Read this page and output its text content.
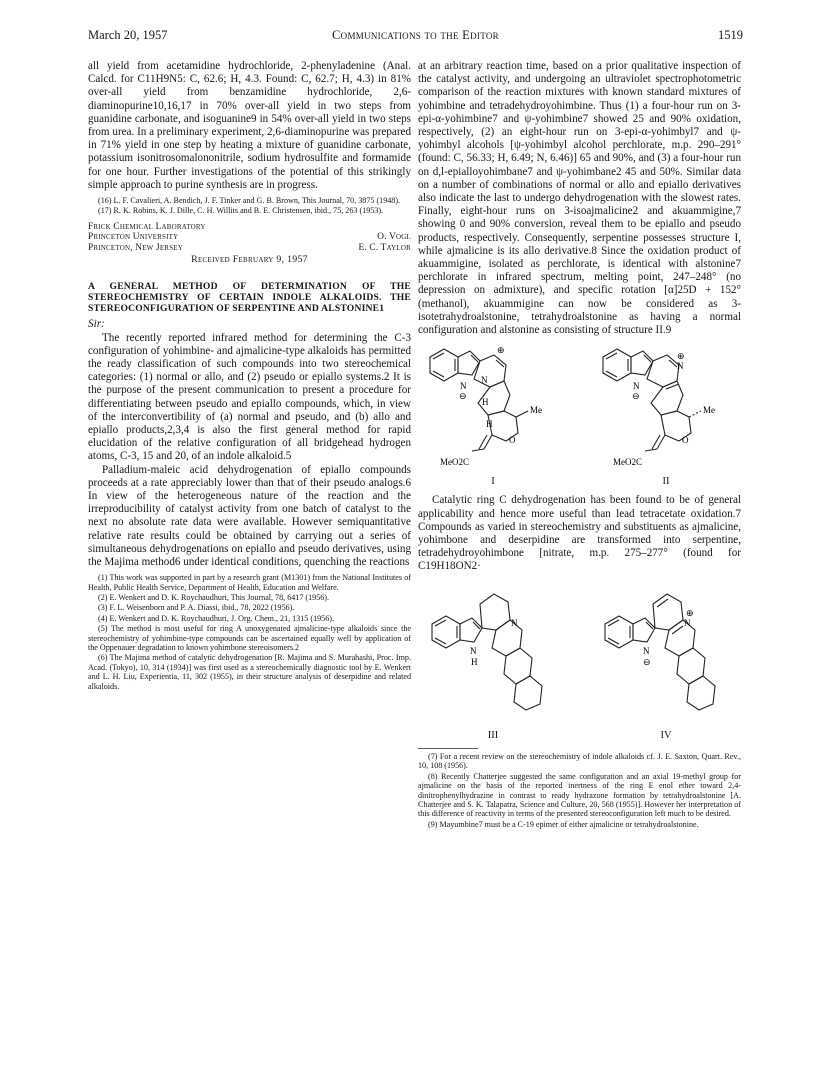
March 20, 1957	Communications to the Editor	1519

all yield from acetamidine hydrochloride, 2-phenyladenine (Anal. Calcd. for C11H9N5: C, 62.6; H, 4.3. Found: C, 62.7; H, 4.3) in 81% over-all yield from benzamidine hydrochloride, 2,6-diaminopurine10,16,17 in 70% over-all yield in two steps from guanidine carbonate, and isoguanine9 in 54% over-all yield in two steps from urea. In a preliminary experiment, 2,6-diaminopurine was prepared in 71% yield in one step by heating a mixture of guanidine carbonate, potassium isonitrosomalononitrile, sodium hydrosulfite and formamide for one hour. Further investigations of the potential of this strikingly simple approach to purine synthesis are in progress.

(16) L. F. Cavalieri, A. Bendich, J. F. Tinker and G. B. Brown, This Journal, 70, 3875 (1948).

(17) R. K. Robins, K. J. Dille, C. H. Willits and B. E. Christensen, ibid., 75, 263 (1953).

Frick Chemical Laboratory
Princeton University	O. Vogl
Princeton, New Jersey	E. C. Taylor
Received February 9, 1957
A GENERAL METHOD OF DETERMINATION OF THE STEREOCHEMISTRY OF CERTAIN INDOLE ALKALOIDS. THE STEREOCONFIGURATION OF SERPENTINE AND ALSTONINE1
Sir:

The recently reported infrared method for determining the C-3 configuration of yohimbine- and ajmalicine-type alkaloids has permitted the ready classification of such compounds into two stereochemical categories: (1) normal or allo, and (2) pseudo or epiallo systems.2 It is the purpose of the present communication to present a procedure for differentiating between pseudo and epiallo compounds, which, in view of the interconvertibility of (a) normal and pseudo, and (b) allo and epiallo products,2,3,4 is also the first general method for rapid elucidation of the relative configuration of all bridgehead hydrogen atoms, C-3, 15 and 20, of an indole alkaloid.5

Palladium-maleic acid dehydrogenation of epiallo compounds proceeds at a rate appreciably lower than that of their pseudo analogs.6 In view of the heterogeneous nature of the reaction and the irreproducibility of catalyst activity from one batch of catalyst to the next no absolute rate data were available. However semiquantitative relative rate results could be obtained by carrying out a series of simultaneous dehydrogenations on epiallo and pseudo derivatives, using the Majima method6 under identical conditions, quenching the reactions

(1) This work was supported in part by a research grant (M1301) from the National Institutes of Health, Public Health Service, Department of Health, Education and Welfare.

(2) E. Wenkert and D. K. Roychaudhuri, This Journal, 78, 6417 (1956).

(3) F. L. Weisenborn and P. A. Diassi, ibid., 78, 2022 (1956).

(4) E. Wenkert and D. K. Roychaudhuri, J. Org. Chem., 21, 1315 (1956).

(5) The method is most useful for ring A unoxygenated ajmalicine-type alkaloids since the stereochemistry of yohimbine-type compounds can be ascertained equally well by application of the Oppenauer degradation to known yohimbone stereoisomers.2

(6) The Majima method of catalytic dehydrogenation [R. Majima and S. Murahashi, Proc. Imp. Acad. (Tokyo), 10, 314 (1934)] was first used as a stereochemically diagnostic tool by E. Wenkert and L. H. Liu, Experientia, 11, 302 (1955), in their structure analysis of deserpidine and related alkaloids.

at an arbitrary reaction time, based on a prior qualitative inspection of the catalyst activity, and undergoing an ultraviolet spectrophotometric comparison of the reaction mixtures with known standard mixtures of yohimbine and tetradehydroyohimbine. Thus (1) a four-hour run on 3-epi-α-yohimbine7 and ψ-yohimbine7 showed 25 and 90% oxidation, respectively, (2) an eight-hour run on 3-epi-α-yohimbyl7 and ψ-yohimbyl alcohols [ψ-yohimbyl alcohol perchlorate, m.p. 290–291° (found: C, 56.33; H, 6.49; N, 6.46)] 65 and 90%, and (3) a four-hour run on d,l-epialloyohimbane7 and ψ-yohimbane2 45 and 50%. Similar data on a number of combinations of normal or allo and epiallo derivatives also indicate the last to undergo dehydrogenation with the slowest rates. Finally, eight-hour runs on 3-isoajmalicine2 and akuammigine,7 showing 0 and 90% conversion, reveal them to be epiallo and pseudo products, respectively. Consequently, serpentine possesses structure I, while ajmalicine is its allo derivative.8 Since the oxidation product of akuammigine, isolated as perchlorate, is identical with alstonine7 perchlorate in infrared spectrum, melting point, 247–248° (no depression on admixture), and specific rotation [α]25D + 152° (methanol), akuammigine can now be considered as 3-isotetrahydroalstonine, tetrahydroalstonine as having a normal configuration and alstonine as consisting of structure II.9

N
N
⊖
⊕
H
H
O
Me
MeO2C
I
N
N
⊖
⊕
O
Me
MeO2C
II

Catalytic ring C dehydrogenation has been found to be of general applicability and hence more useful than lead tetracetate oxidation.7 Compounds as varied in stereochemistry and substituents as ajmalicine, yohimbone and deserpidine are transformed into serpentine, tetradehydroyohimbone [nitrate, m.p. 275–277° (found for C19H18ON2·

N
N
H
III
N
⊕
N
⊖
IV

(7) For a recent review on the stereochemistry of indole alkaloids cf. J. E. Saxton, Quart. Rev., 10, 108 (1956).

(8) Recently Chatterjee suggested the same configuration and an axial 19-methyl group for ajmalicine on the basis of the reported inertness of the ring E enol ether toward 2,4-dinitrophenylhydrazine in contrast to ready hydrazone formation by tetrahydroalstonine [A. Chatterjee and S. K. Talapatra, Science and Culture, 20, 568 (1955)]. However her interpretation of this difference of reactivity in terms of the presented stereoconfiguration left much to be desired.

(9) Mayumbine7 must be a C-19 epimer of either ajmalicine or tetrahydroalstonine.
